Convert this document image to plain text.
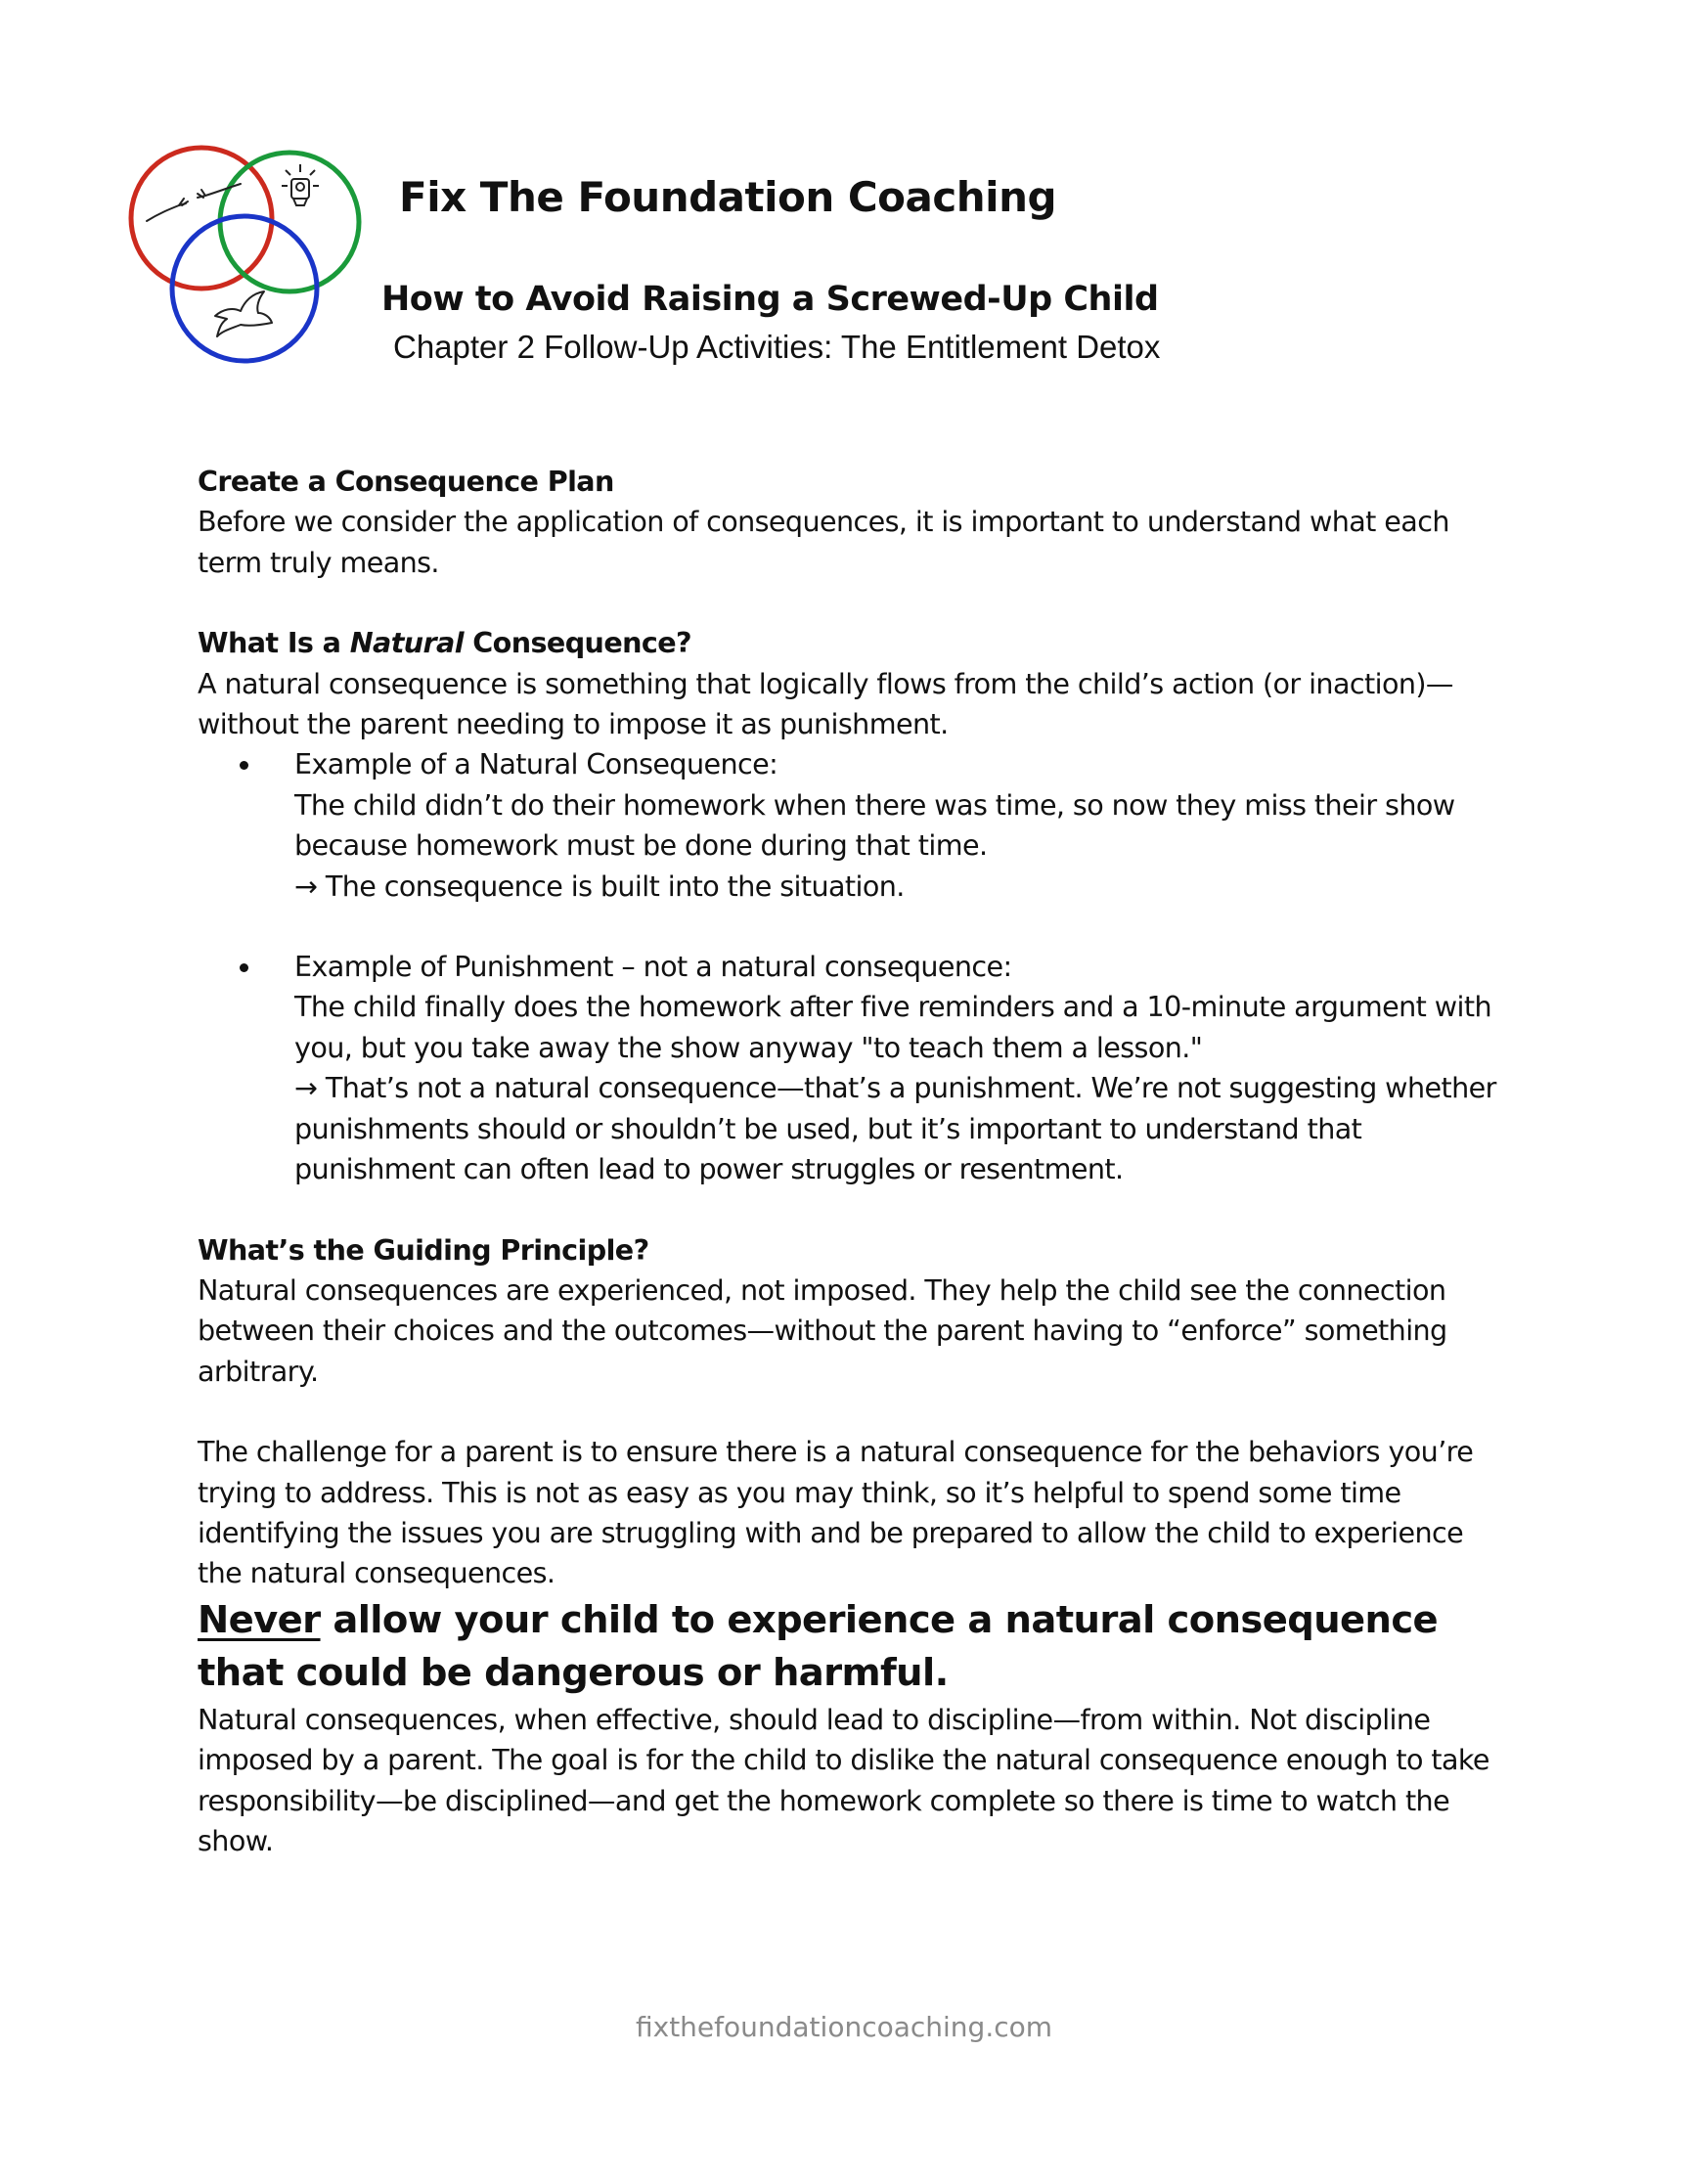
Fix The Foundation Coaching
How to Avoid Raising a Screwed-Up Child
Chapter 2 Follow-Up Activities: The Entitlement Detox

Create a Consequence Plan

Before we consider the application of consequences, it is important to understand what each term truly means.

What Is a Natural Consequence?

A natural consequence is something that logically flows from the child’s action (or inaction)—without the parent needing to impose it as punishment.

Example of a Natural Consequence:
The child didn’t do their homework when there was time, so now they miss their show because homework must be done during that time.
→ The consequence is built into the situation.
Example of Punishment – not a natural consequence:
The child finally does the homework after five reminders and a 10-minute argument with you, but you take away the show anyway "to teach them a lesson."
→ That’s not a natural consequence—that’s a punishment. We’re not suggesting whether punishments should or shouldn’t be used, but it’s important to understand that punishment can often lead to power struggles or resentment.

What’s the Guiding Principle?

Natural consequences are experienced, not imposed. They help the child see the connection between their choices and the outcomes—without the parent having to “enforce” something arbitrary.

The challenge for a parent is to ensure there is a natural consequence for the behaviors you’re trying to address. This is not as easy as you may think, so it’s helpful to spend some time identifying the issues you are struggling with and be prepared to allow the child to experience the natural consequences.

Never allow your child to experience a natural consequence that could be dangerous or harmful.

Natural consequences, when effective, should lead to discipline—from within. Not discipline imposed by a parent. The goal is for the child to dislike the natural consequence enough to take responsibility—be disciplined—and get the homework complete so there is time to watch the show.

fixthefoundationcoaching.com
